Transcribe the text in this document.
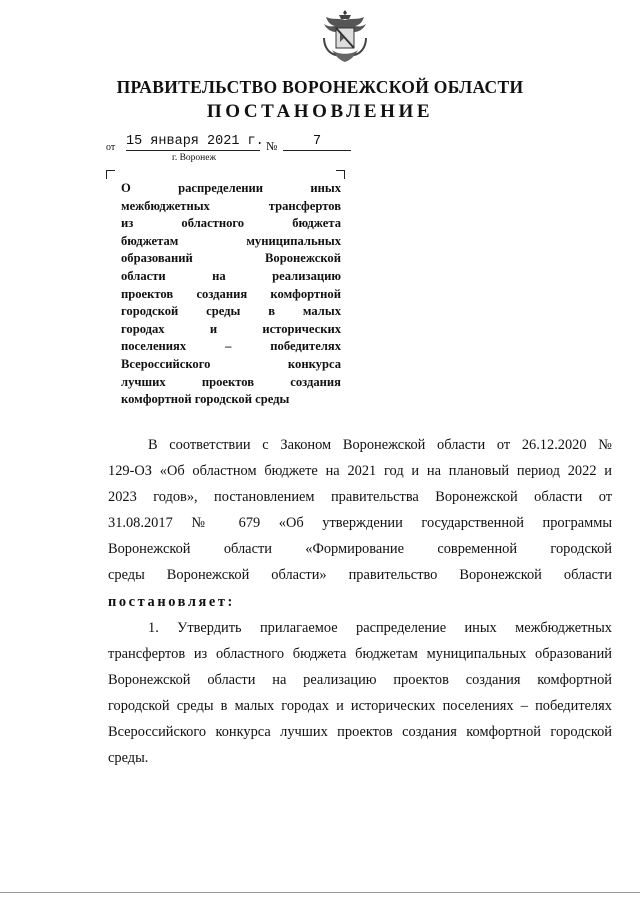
ПРАВИТЕЛЬСТВО ВОРОНЕЖСКОЙ ОБЛАСТИ
ПОСТАНОВЛЕНИЕ
от 15 января 2021 г. №	7
г. Воронеж
О распределении иных
межбюджетных трансфертов
из областного бюджета
бюджетам муниципальных
образований Воронежской
области на реализацию
проектов создания комфортной
городской среды в малых
городах и исторических
поселениях – победителях
Всероссийского конкурса
лучших проектов создания
комфортной городской среды
В соответствии с Законом Воронежской области от 26.12.2020 №
129-ОЗ «Об областном бюджете на 2021 год и на плановый период 2022 и
2023 годов», постановлением правительства Воронежской области от
31.08.2017 № 679 «Об утверждении государственной программы
Воронежской области «Формирование современной городской
среды Воронежской области» правительство Воронежской области
постановляет:
1. Утвердить прилагаемое распределение иных межбюджетных
трансфертов из областного бюджета бюджетам муниципальных образований
Воронежской области на реализацию проектов создания комфортной
городской среды в малых городах и исторических поселениях – победителях
Всероссийского конкурса лучших проектов создания комфортной городской
среды.
